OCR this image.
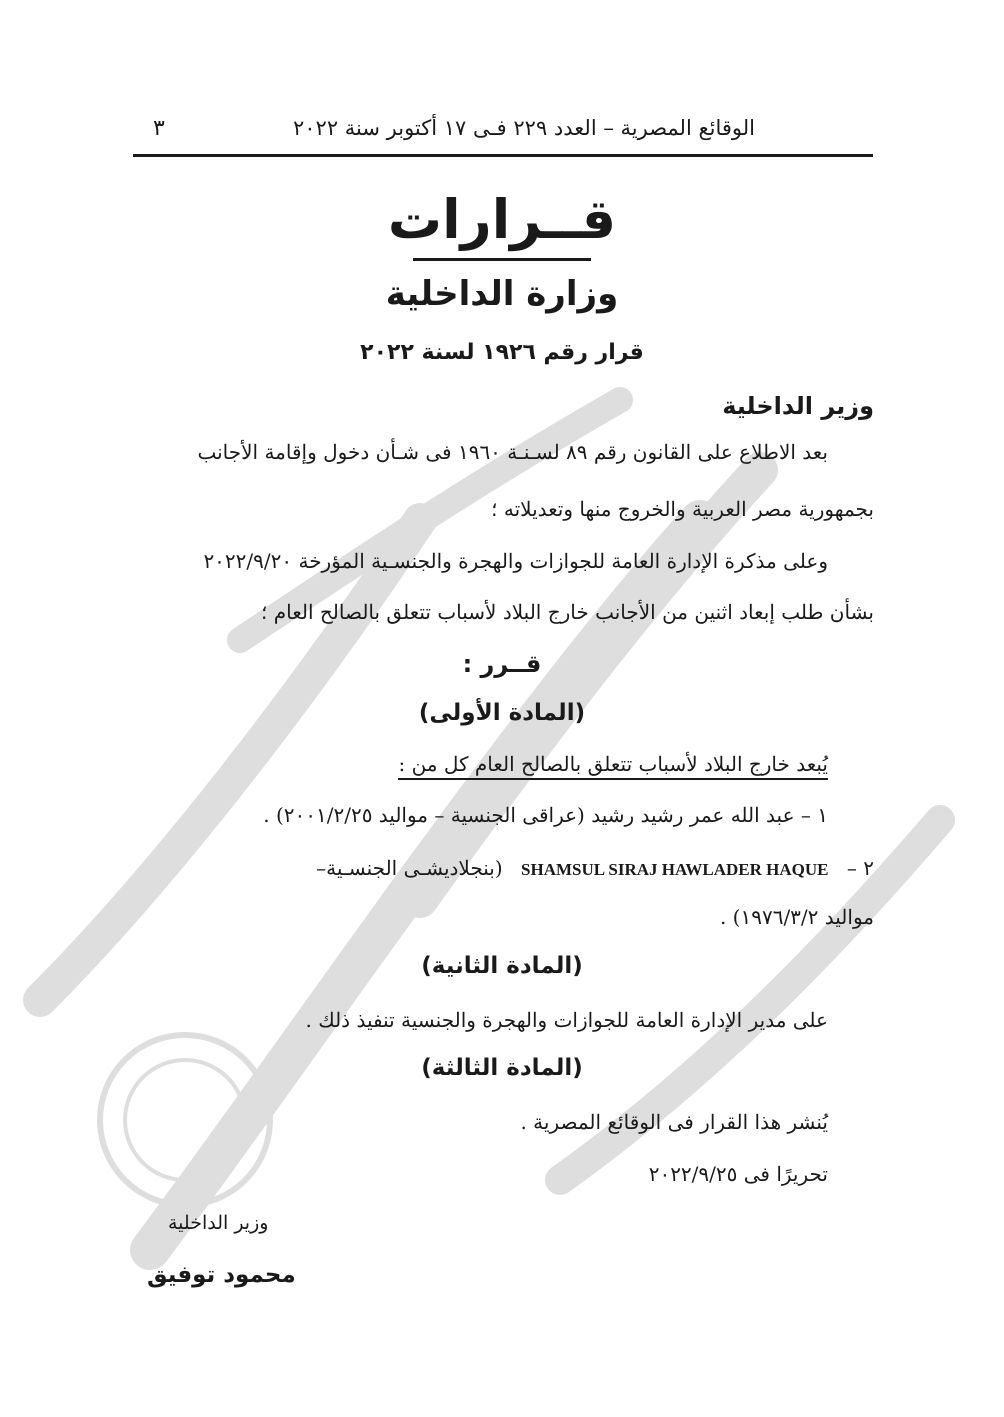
الوقائع المصرية – العدد ٢٢٩ فـى ١٧ أكتوبر سنة ٢٠٢٢
٣
قــرارات
وزارة الداخلية
قرار رقم ١٩٢٦ لسنة ٢٠٢٢
وزير الداخلية
بعد الاطلاع على القانون رقم ٨٩ لسـنـة ١٩٦٠ فى شـأن دخول وإقامة الأجانب
بجمهورية مصر العربية والخروج منها وتعديلاته ؛
وعلى مذكرة الإدارة العامة للجوازات والهجرة والجنسـية المؤرخة ٢٠٢٢/٩/٢٠
بشأن طلب إبعاد اثنين من الأجانب خارج البلاد لأسباب تتعلق بالصالح العام ؛
قــرر :
(المادة الأولى)
يُبعد خارج البلاد لأسباب تتعلق بالصالح العام كل من :
١ – عبد الله عمر رشيد رشيد (عراقى الجنسية – مواليد ٢٠٠١/٢/٢٥) .
٢ – SHAMSUL SIRAJ HAWLADER HAQUE (بنجلاديشـى الجنسـية–
مواليد ١٩٧٦/٣/٢) .
(المادة الثانية)
على مدير الإدارة العامة للجوازات والهجرة والجنسية تنفيذ ذلك .
(المادة الثالثة)
يُنشر هذا القرار فى الوقائع المصرية .
تحريرًا فى ٢٠٢٢/٩/٢٥
وزير الداخلية
محمود توفيق
